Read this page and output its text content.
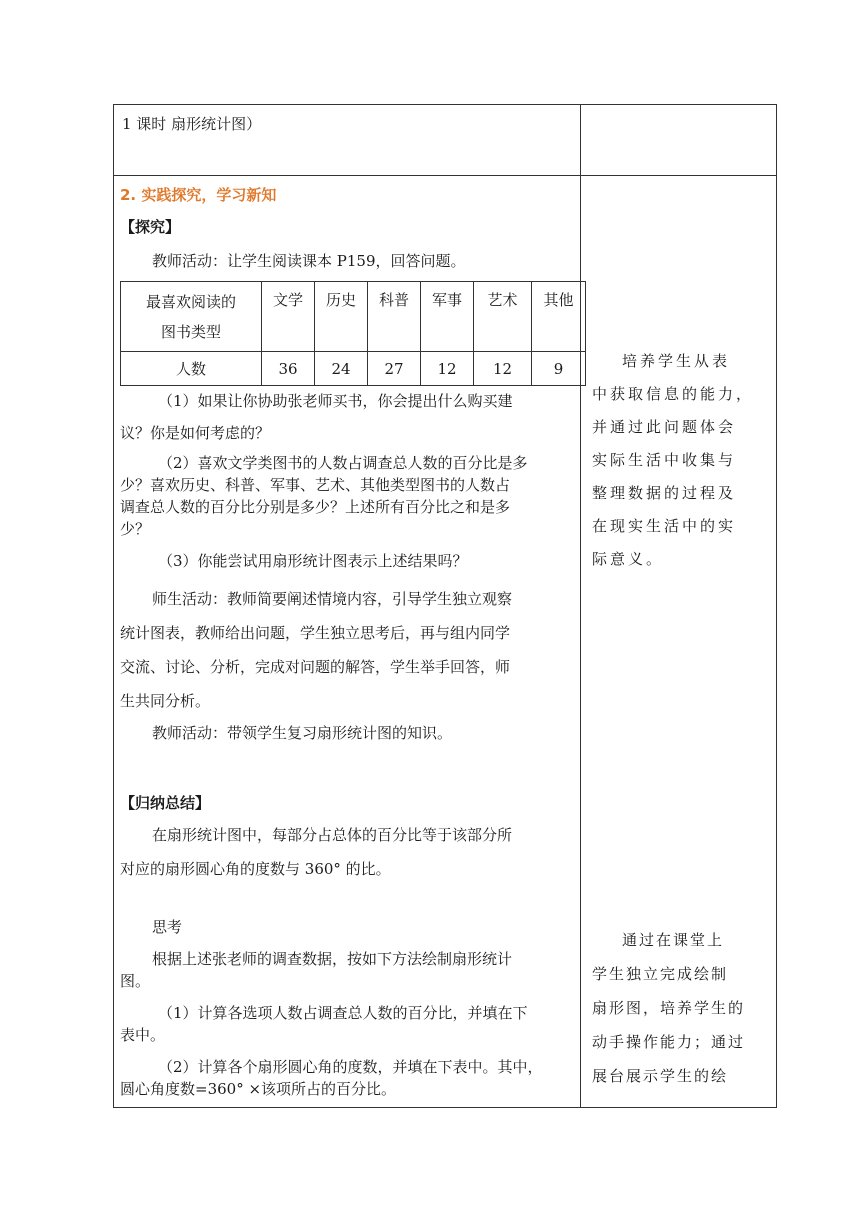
1 课时 扇形统计图）
2. 实践探究，学习新知
【探究】
教师活动：让学生阅读课本 P159，回答问题。
最喜欢阅读的
图书类型	文学	历史	科普	军事	艺术	其他
人数	36	24	27	12	12	9
（1）如果让你协助张老师买书，你会提出什么购买建
议？你是如何考虑的？
（2）喜欢文学类图书的人数占调查总人数的百分比是多
少？喜欢历史、科普、军事、艺术、其他类型图书的人数占
调查总人数的百分比分别是多少？上述所有百分比之和是多
少？
（3）你能尝试用扇形统计图表示上述结果吗？
师生活动：教师简要阐述情境内容，引导学生独立观察
统计图表，教师给出问题，学生独立思考后，再与组内同学
交流、讨论、分析，完成对问题的解答，学生举手回答，师
生共同分析。
教师活动：带领学生复习扇形统计图的知识。
【归纳总结】
在扇形统计图中，每部分占总体的百分比等于该部分所
对应的扇形圆心角的度数与 360° 的比。
思考
根据上述张老师的调查数据，按如下方法绘制扇形统计
图。
（1）计算各选项人数占调查总人数的百分比，并填在下
表中。
（2）计算各个扇形圆心角的度数，并填在下表中。其中，
圆心角度数=360° ×该项所占的百分比。
培养学生从表
中获取信息的能力，
并通过此问题体会
实际生活中收集与
整理数据的过程及
在现实生活中的实
际意义。
通过在课堂上
学生独立完成绘制
扇形图，培养学生的
动手操作能力；通过
展台展示学生的绘
